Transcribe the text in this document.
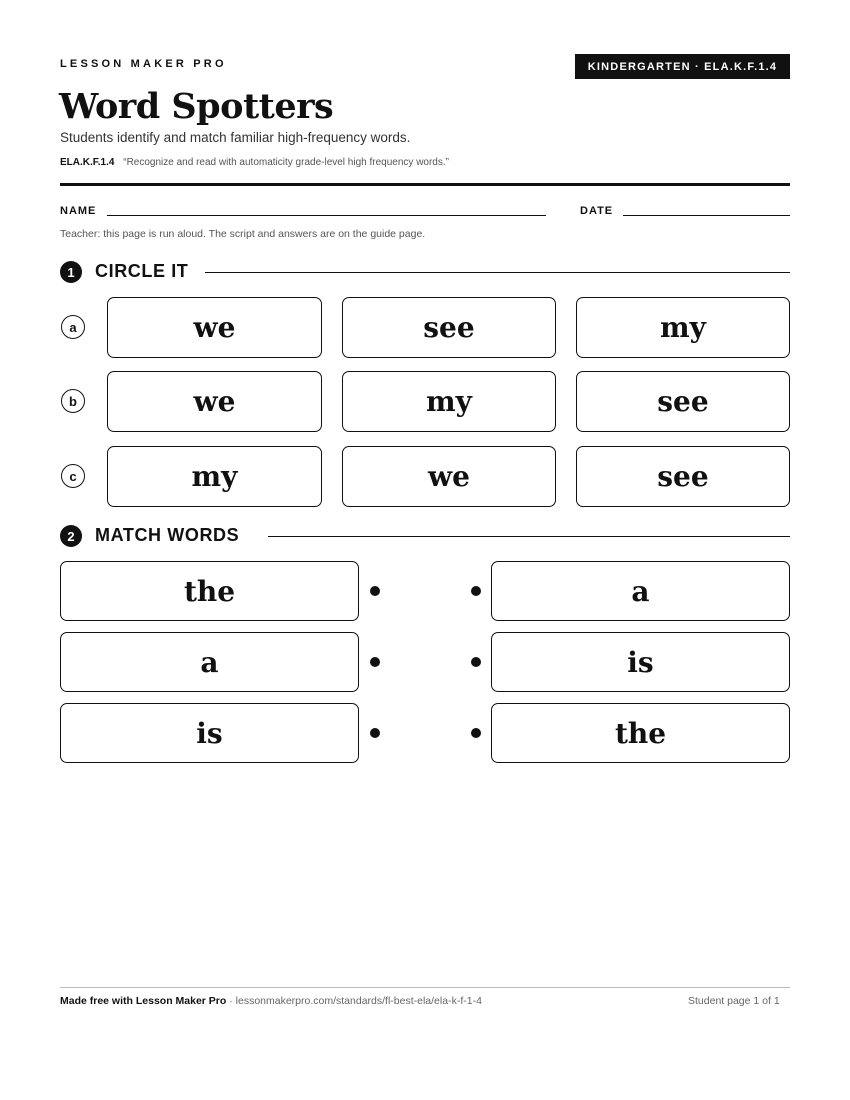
LESSON MAKER PRO	KINDERGARTEN · ELA.K.F.1.4
Word Spotters
Students identify and match familiar high-frequency words.
ELA.K.F.1.4 “Recognize and read with automaticity grade-level high frequency words.”
NAME	DATE
Teacher: this page is run aloud. The script and answers are on the guide page.
1	CIRCLE IT
a	we	see	my
b	we	my	see
c	my	we	see
2	MATCH WORDS
the	a
a	is
is	the
Made free with Lesson Maker Pro · lessonmakerpro.com/standards/fl-best-ela/ela-k-f-1-4	Student page 1 of 1
